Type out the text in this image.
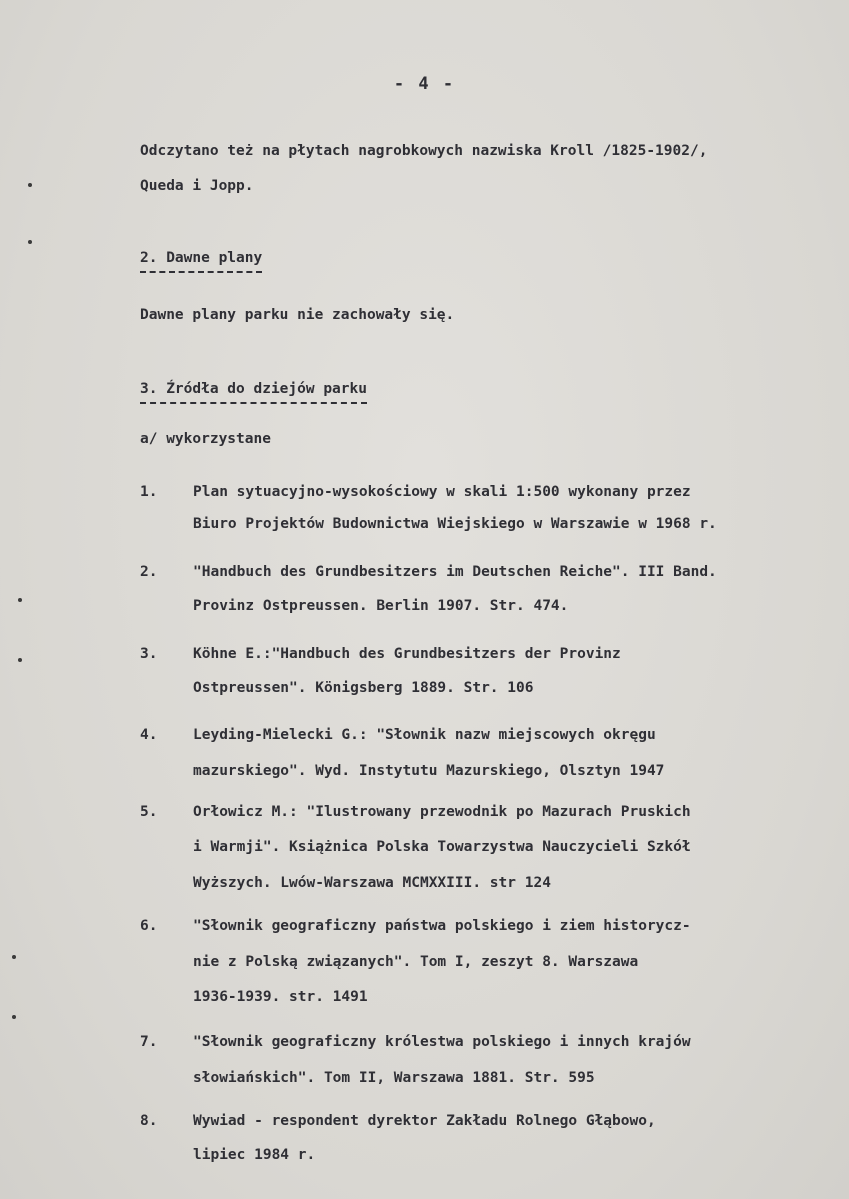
- 4 -
Odczytano też na płytach nagrobkowych nazwiska Kroll /1825-1902/,
Queda i Jopp.
2. Dawne plany
Dawne plany parku nie zachowały się.
3. Źródła do dziejów parku
a/ wykorzystane
1. Plan sytuacyjno-wysokościowy w skali 1:500 wykonany przez
Biuro Projektów Budownictwa Wiejskiego w Warszawie w 1968 r.
2. "Handbuch des Grundbesitzers im Deutschen Reiche". III Band.
Provinz Ostpreussen. Berlin 1907. Str. 474.
3. Köhne E.:"Handbuch des Grundbesitzers der Provinz
Ostpreussen". Königsberg 1889. Str. 106
4. Leyding-Mielecki G.: "Słownik nazw miejscowych okręgu
mazurskiego". Wyd. Instytutu Mazurskiego, Olsztyn 1947
5. Orłowicz M.: "Ilustrowany przewodnik po Mazurach Pruskich
i Warmji". Książnica Polska Towarzystwa Nauczycieli Szkół
Wyższych. Lwów-Warszawa MCMXXIII. str 124
6. "Słownik geograficzny państwa polskiego i ziem historycz-
nie z Polską związanych". Tom I, zeszyt 8. Warszawa
1936-1939. str. 1491
7. "Słownik geograficzny królestwa polskiego i innych krajów
słowiańskich". Tom II, Warszawa 1881. Str. 595
8. Wywiad - respondent dyrektor Zakładu Rolnego Głąbowo,
lipiec 1984 r.
